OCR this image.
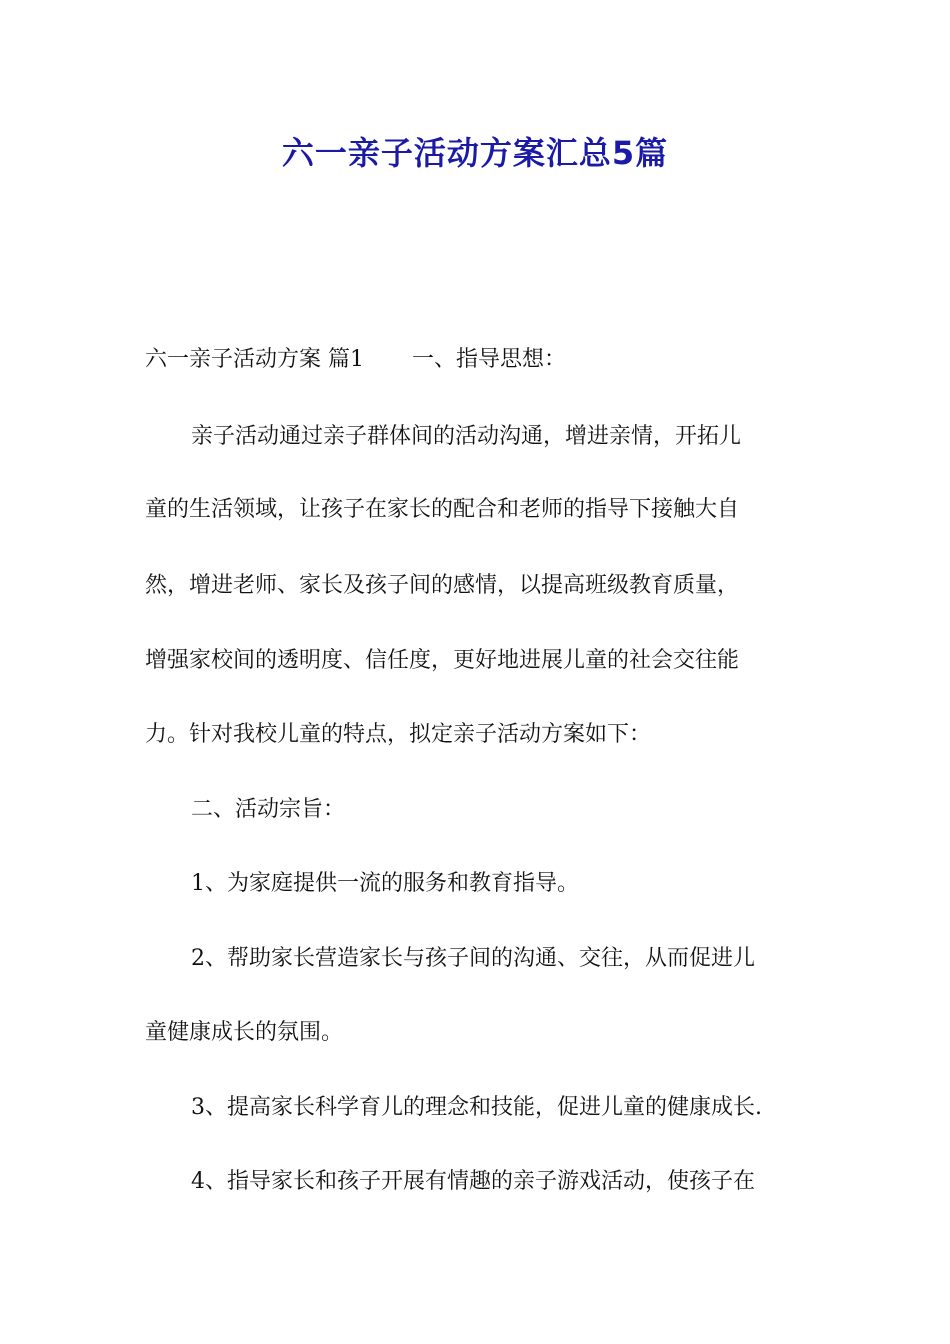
六一亲子活动方案汇总5篇
六一亲子活动方案 篇1 一、指导思想：
亲子活动通过亲子群体间的活动沟通，增进亲情，开拓儿
童的生活领域，让孩子在家长的配合和老师的指导下接触大自
然，增进老师、家长及孩子间的感情，以提高班级教育质量，
增强家校间的透明度、信任度，更好地进展儿童的社会交往能
力。针对我校儿童的特点，拟定亲子活动方案如下：
二、活动宗旨：
1、为家庭提供一流的服务和教育指导。
2、帮助家长营造家长与孩子间的沟通、交往，从而促进儿
童健康成长的氛围。
3、提高家长科学育儿的理念和技能，促进儿童的健康成长.
4、指导家长和孩子开展有情趣的亲子游戏活动，使孩子在
